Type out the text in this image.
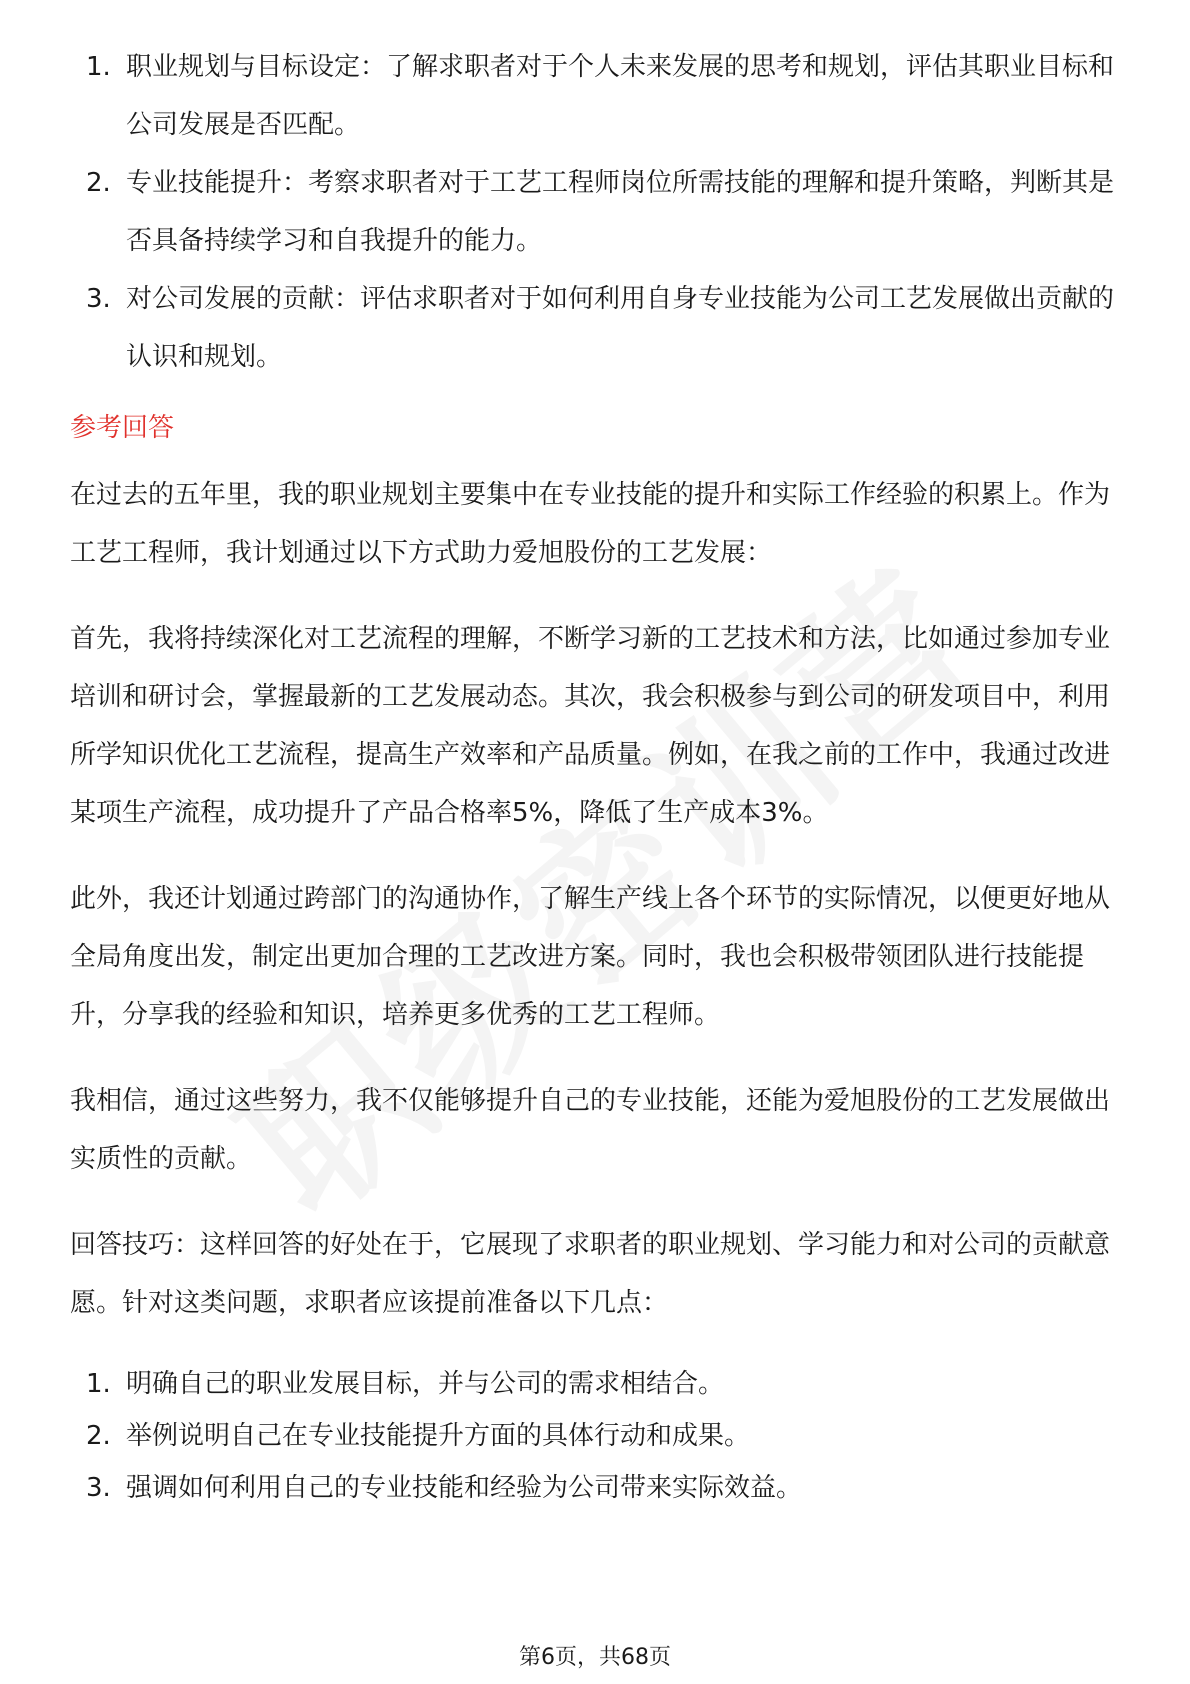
1. 职业规划与目标设定：了解求职者对于个人未来发展的思考和规划，评估其职业目标和公司发展是否匹配。
2. 专业技能提升：考察求职者对于工艺工程师岗位所需技能的理解和提升策略，判断其是否具备持续学习和自我提升的能力。
3. 对公司发展的贡献：评估求职者对于如何利用自身专业技能为公司工艺发展做出贡献的认识和规划。
参考回答

在过去的五年里，我的职业规划主要集中在专业技能的提升和实际工作经验的积累上。作为工艺工程师，我计划通过以下方式助力爱旭股份的工艺发展：

首先，我将持续深化对工艺流程的理解，不断学习新的工艺技术和方法，比如通过参加专业培训和研讨会，掌握最新的工艺发展动态。其次，我会积极参与到公司的研发项目中，利用所学知识优化工艺流程，提高生产效率和产品质量。例如，在我之前的工作中，我通过改进某项生产流程，成功提升了产品合格率5%，降低了生产成本3%。

此外，我还计划通过跨部门的沟通协作，了解生产线上各个环节的实际情况，以便更好地从全局角度出发，制定出更加合理的工艺改进方案。同时，我也会积极带领团队进行技能提升，分享我的经验和知识，培养更多优秀的工艺工程师。

我相信，通过这些努力，我不仅能够提升自己的专业技能，还能为爱旭股份的工艺发展做出实质性的贡献。

回答技巧：这样回答的好处在于，它展现了求职者的职业规划、学习能力和对公司的贡献意愿。针对这类问题，求职者应该提前准备以下几点：

1. 明确自己的职业发展目标，并与公司的需求相结合。
2. 举例说明自己在专业技能提升方面的具体行动和成果。
3. 强调如何利用自己的专业技能和经验为公司带来实际效益。
第6页，共68页
